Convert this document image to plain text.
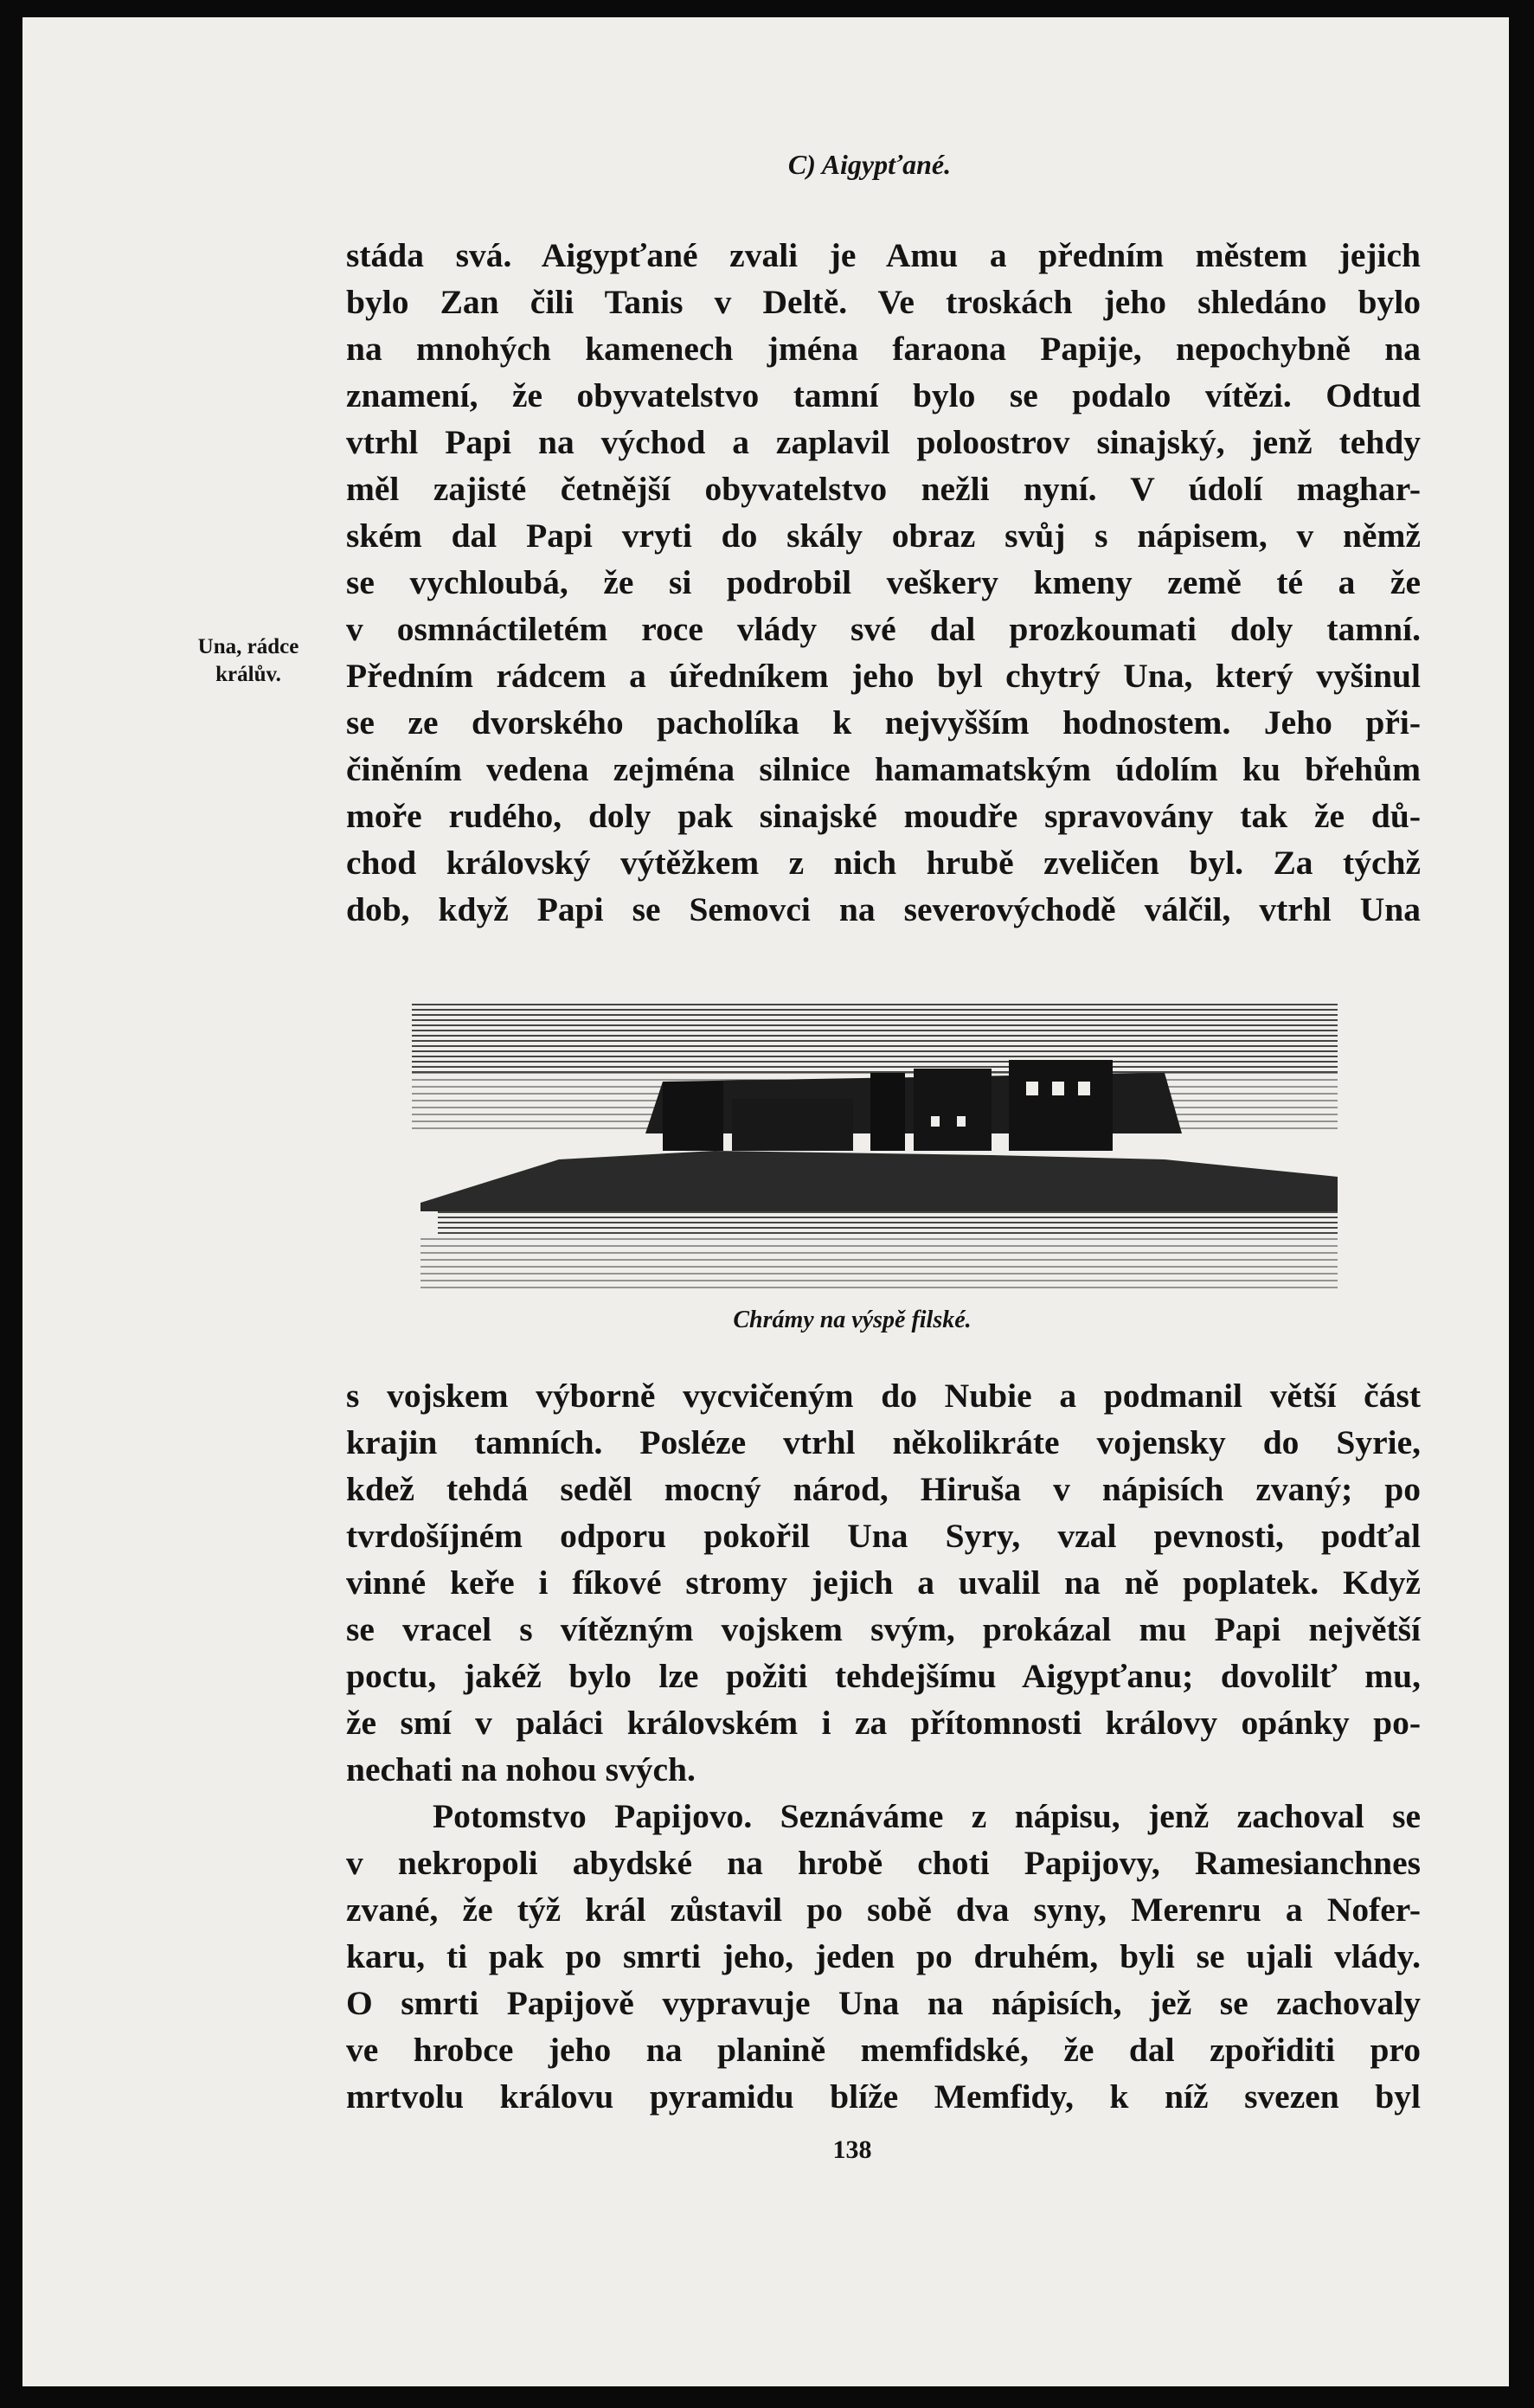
C) Aigypťané.
Una, rádce
králův.
stáda svá. Aigypťané zvali je Amu a předním městem jejich
bylo Zan čili Tanis v Deltě. Ve troskách jeho shledáno bylo
na mnohých kamenech jména faraona Papije, nepochybně na
znamení, že obyvatelstvo tamní bylo se podalo vítězi. Odtud
vtrhl Papi na východ a zaplavil poloostrov sinajský, jenž tehdy
měl zajisté četnější obyvatelstvo nežli nyní. V údolí maghar-
ském dal Papi vryti do skály obraz svůj s nápisem, v němž
se vychloubá, že si podrobil veškery kmeny země té a že
v osmnáctiletém roce vlády své dal prozkoumati doly tamní.
Předním rádcem a úředníkem jeho byl chytrý Una, který vyšinul
se ze dvorského pacholíka k nejvyšším hodnostem. Jeho při-
činěním vedena zejména silnice hamamatským údolím ku břehům
moře rudého, doly pak sinajské moudře spravovány tak že dů-
chod královský výtěžkem z nich hrubě zveličen byl. Za týchž
dob, když Papi se Semovci na severovýchodě válčil, vtrhl Una
Chrámy na výspě filské.
s vojskem výborně vycvičeným do Nubie a podmanil větší část
krajin tamních. Posléze vtrhl několikráte vojensky do Syrie,
kdež tehdá seděl mocný národ, Hiruša v nápisích zvaný; po
tvrdošíjném odporu pokořil Una Syry, vzal pevnosti, podťal
vinné keře i fíkové stromy jejich a uvalil na ně poplatek. Když
se vracel s vítězným vojskem svým, prokázal mu Papi největší
poctu, jakéž bylo lze požiti tehdejšímu Aigypťanu; dovolilť mu,
že smí v paláci královském i za přítomnosti královy opánky po-
nechati na nohou svých.
Potomstvo Papijovo. Seznáváme z nápisu, jenž zachoval se
v nekropoli abydské na hrobě choti Papijovy, Ramesianchnes
zvané, že týž král zůstavil po sobě dva syny, Merenru a Nofer-
karu, ti pak po smrti jeho, jeden po druhém, byli se ujali vlády.
O smrti Papijově vypravuje Una na nápisích, jež se zachovaly
ve hrobce jeho na planině memfidské, že dal zpořiditi pro
mrtvolu královu pyramidu blíže Memfidy, k níž svezen byl
138
